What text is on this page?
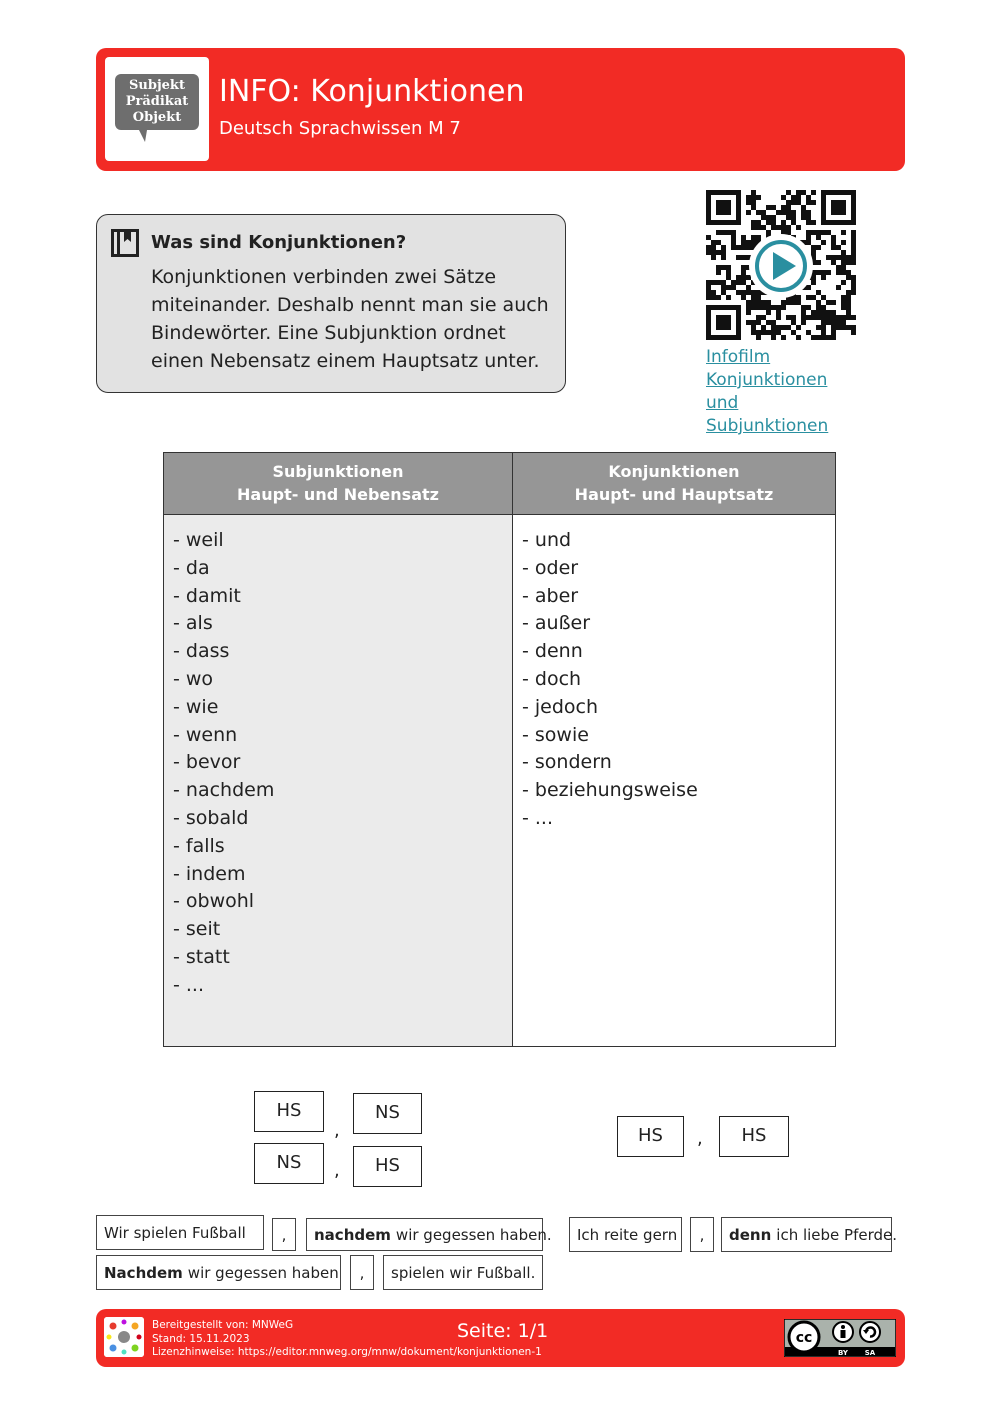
Subjekt
Prädikat
Objekt
INFO: Konjunktionen
Deutsch Sprachwissen M 7
Was sind Konjunktionen?
Konjunktionen verbinden zwei Sätze
miteinander. Deshalb nennt man sie auch
Bindewörter. Eine Subjunktion ordnet
einen Nebensatz einem Hauptsatz unter.	Infofilm
Konjunktionen
und
Subjunktionen
Subjunktionen
Haupt- und Nebensatz
Konjunktionen
Haupt- und Hauptsatz
- weil
- da
- damit
- als
- dass
- wo
- wie
- wenn
- bevor
- nachdem
- sobald
- falls
- indem
- obwohl
- seit
- statt
- ...
- und
- oder
- aber
- außer
- denn
- doch
- jedoch
- sowie
- sondern
- beziehungsweise
- ...
HS
,
NS
NS	,	HS
HS	,	HS
Wir spielen Fußball , nachdem wir gegessen haben.
Nachdem wir gegessen haben , spielen wir Fußball.
Ich reite gern , denn ich liebe Pferde.
Bereitgestellt von: MNWeG
Stand: 15.11.2023
Lizenzhinweise: https://editor.mnweg.org/mnw/dokument/konjunktionen-1
Seite: 1/1	cc
BY SA
